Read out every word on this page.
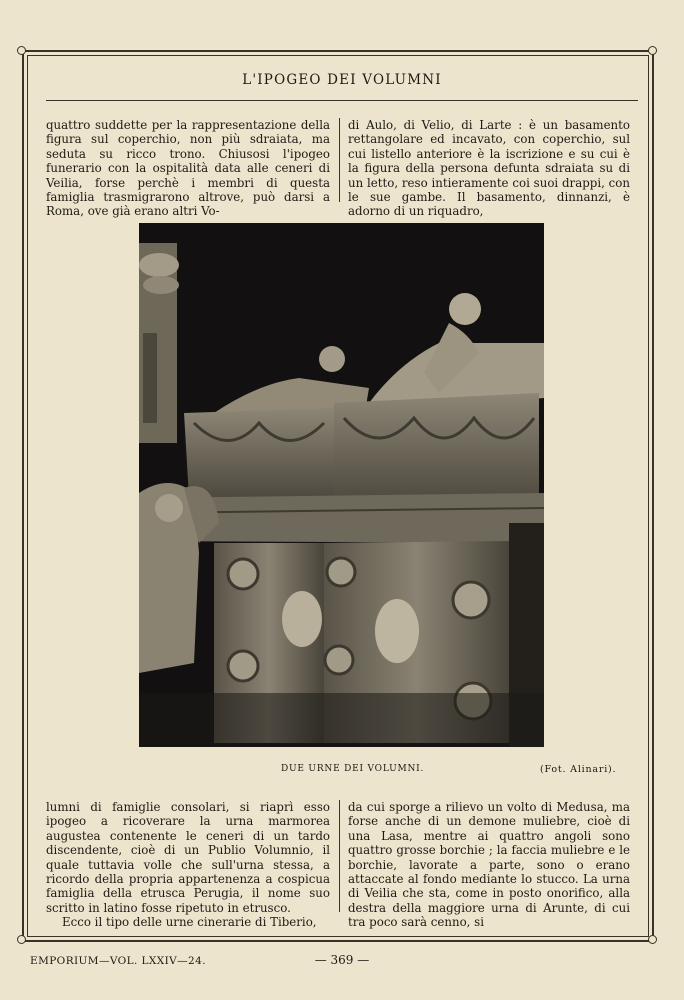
L'IPOGEO DEI VOLUMNI
quattro suddette per la rappresentazione della figura sul coperchio, non più sdraiata, ma seduta su ricco trono. Chiusosi l'ipogeo funerario con la ospitalità data alle ceneri di Veilia, forse perchè i membri di questa famiglia trasmigrarono altrove, può darsi a Roma, ove già erano altri Vo-
di Aulo, di Velio, di Larte : è un basamento rettangolare ed incavato, con coperchio, sul cui listello anteriore è la iscrizione e su cui è la figura della persona defunta sdraiata su di un letto, reso intieramente coi suoi drappi, con le sue gambe. Il basamento, dinnanzi, è adorno di un riquadro,
DUE URNE DEI VOLUMNI.	(Fot. Alinari).
lumni di famiglie consolari, si riaprì esso ipogeo a ricoverare la urna marmorea augustea contenente le ceneri di un tardo discendente, cioè di un Publio Volumnio, il quale tuttavia volle che sull'urna stessa, a ricordo della propria appartenenza a cospicua famiglia della etrusca Perugia, il nome suo scritto in latino fosse ripetuto in etrusco.
Ecco il tipo delle urne cinerarie di Tiberio,
da cui sporge a rilievo un volto di Medusa, ma forse anche di un demone muliebre, cioè di una Lasa, mentre ai quattro angoli sono quattro grosse borchie ; la faccia muliebre e le borchie, lavorate a parte, sono o erano attaccate al fondo mediante lo stucco. La urna di Veilia che sta, come in posto onorifico, alla destra della maggiore urna di Arunte, di cui tra poco sarà cenno, si
EMPORIUM—VOL. LXXIV—24.	— 369 —
